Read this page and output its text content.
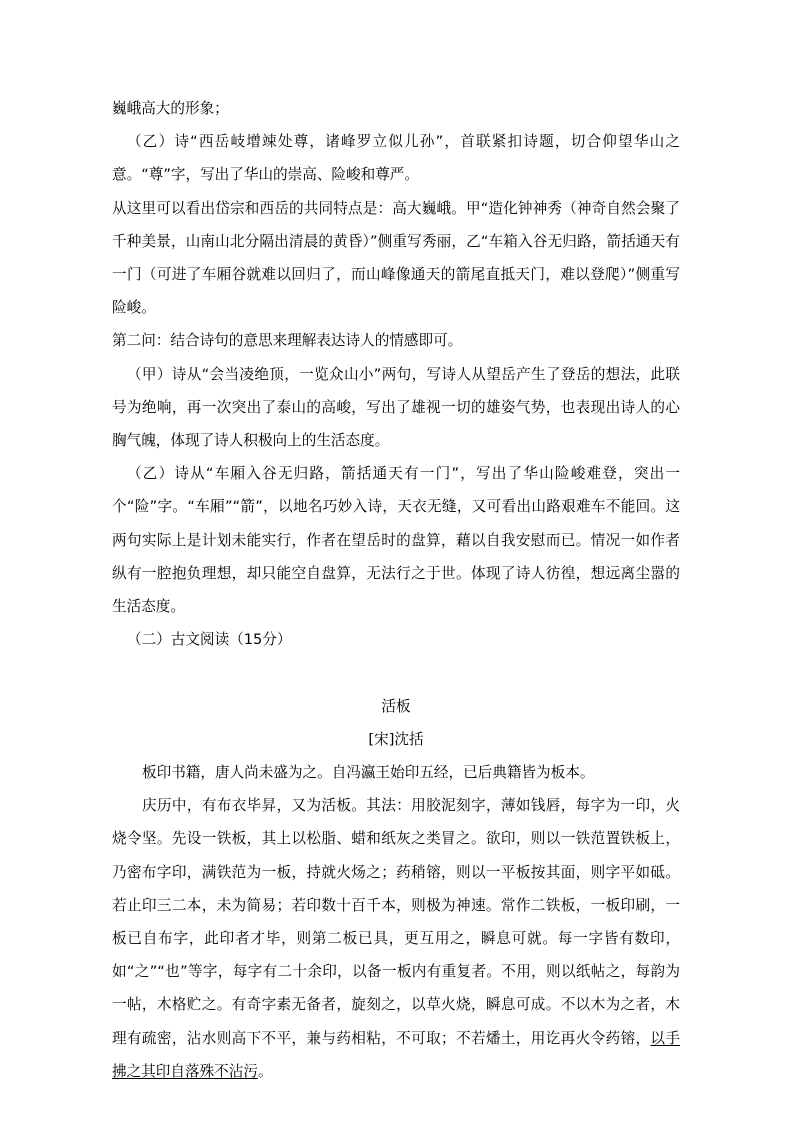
巍峨高大的形象；

（乙）诗“西岳岐增竦处尊，诸峰罗立似儿孙”，首联紧扣诗题，切合仰望华山之意。“尊”字，写出了华山的崇高、险峻和尊严。

从这里可以看出岱宗和西岳的共同特点是：高大巍峨。甲“造化钟神秀（神奇自然会聚了千种美景，山南山北分隔出清晨的黄昏）”侧重写秀丽，乙“车箱入谷无归路，箭括通天有一门（可进了车厢谷就难以回归了，而山峰像通天的箭尾直抵天门，难以登爬）”侧重写险峻。

第二问：结合诗句的意思来理解表达诗人的情感即可。

（甲）诗从“会当凌绝顶，一览众山小”两句，写诗人从望岳产生了登岳的想法，此联号为绝响，再一次突出了泰山的高峻，写出了雄视一切的雄姿气势，也表现出诗人的心胸气魄，体现了诗人积极向上的生活态度。

（乙）诗从“车厢入谷无归路，箭括通天有一门”，写出了华山险峻难登，突出一个“险”字。“车厢”“箭”，以地名巧妙入诗，天衣无缝，又可看出山路艰难车不能回。这两句实际上是计划未能实行，作者在望岳时的盘算，藉以自我安慰而已。情况一如作者纵有一腔抱负理想，却只能空自盘算，无法行之于世。体现了诗人彷徨，想远离尘嚣的生活态度。

（二）古文阅读（15分）

活板

[宋]沈括

板印书籍，唐人尚未盛为之。自冯瀛王始印五经，已后典籍皆为板本。

庆历中，有布衣毕昇，又为活板。其法：用胶泥刻字，薄如钱唇，每字为一印，火烧令坚。先设一铁板，其上以松脂、蜡和纸灰之类冒之。欲印，则以一铁范置铁板上，乃密布字印，满铁范为一板，持就火炀之；药稍镕，则以一平板按其面，则字平如砥。若止印三二本，未为简易；若印数十百千本，则极为神速。常作二铁板，一板印刷，一板已自布字，此印者才毕，则第二板已具，更互用之，瞬息可就。每一字皆有数印，如“之”“也”等字，每字有二十余印，以备一板内有重复者。不用，则以纸帖之，每韵为一帖，木格贮之。有奇字素无备者，旋刻之，以草火烧，瞬息可成。不以木为之者，木理有疏密，沾水则高下不平，兼与药相粘，不可取；不若燔土，用讫再火令药镕，以手拂之其印自落殊不沾污。
